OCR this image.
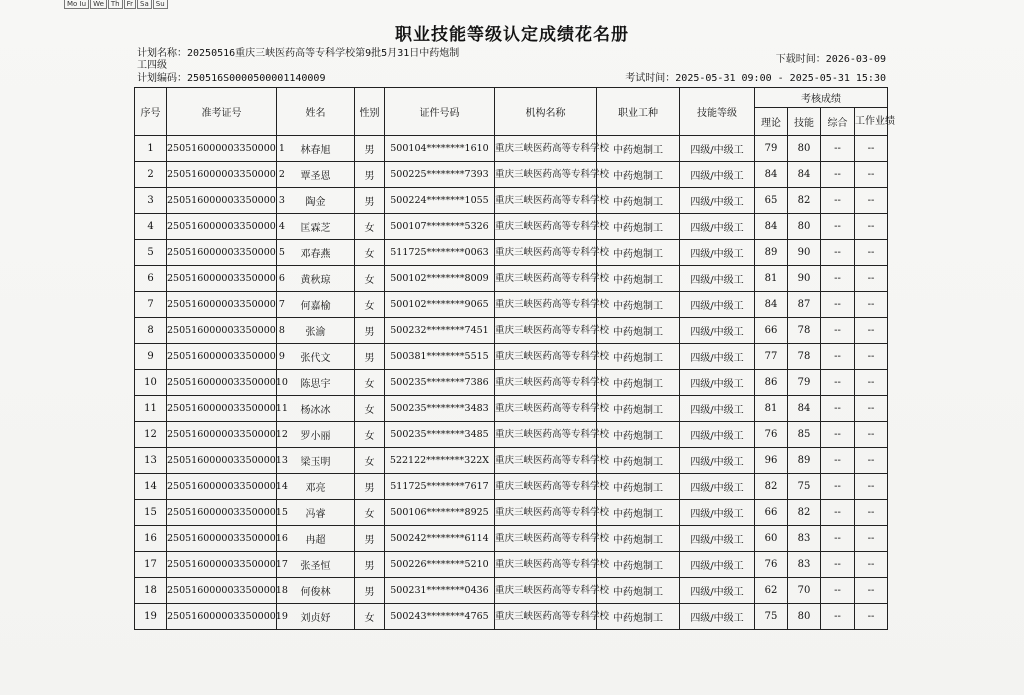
Mo Iu We Th Fr Sa Su
职业技能等级认定成绩花名册
计划名称：20250516重庆三峡医药高等专科学校第9批5月31日中药炮制
工四级
计划编码：250516S0000500001140009
下载时间：2026-03-09
考试时间：2025-05-31 09:00 - 2025-05-31 15:30
序号	准考证号	姓名	性别	证件号码	机构名称	职业工种	技能等级	考核成绩			
								理论	技能	综合	工作业绩
1	250516000003350000 1	林春旭	男	500104********1610	重庆三峡医药高等专科学校	中药炮制工	四级/中级工	79	80	--	--
2	250516000003350000 2	覃圣恩	男	500225********7393	重庆三峡医药高等专科学校	中药炮制工	四级/中级工	84	84	--	--
3	250516000003350000 3	陶金	男	500224********1055	重庆三峡医药高等专科学校	中药炮制工	四级/中级工	65	82	--	--
4	250516000003350000 4	匡霖芝	女	500107********5326	重庆三峡医药高等专科学校	中药炮制工	四级/中级工	84	80	--	--
5	250516000003350000 5	邓春燕	女	511725********0063	重庆三峡医药高等专科学校	中药炮制工	四级/中级工	89	90	--	--
6	250516000003350000 6	黄秋琼	女	500102********8009	重庆三峡医药高等专科学校	中药炮制工	四级/中级工	81	90	--	--
7	250516000003350000 7	何嘉榆	女	500102********9065	重庆三峡医药高等专科学校	中药炮制工	四级/中级工	84	87	--	--
8	250516000003350000 8	张渝	男	500232********7451	重庆三峡医药高等专科学校	中药炮制工	四级/中级工	66	78	--	--
9	250516000003350000 9	张代文	男	500381********5515	重庆三峡医药高等专科学校	中药炮制工	四级/中级工	77	78	--	--
10	25051600000335000010	陈思宇	女	500235********7386	重庆三峡医药高等专科学校	中药炮制工	四级/中级工	86	79	--	--
11	25051600000335000011	杨冰冰	女	500235********3483	重庆三峡医药高等专科学校	中药炮制工	四级/中级工	81	84	--	--
12	25051600000335000012	罗小丽	女	500235********3485	重庆三峡医药高等专科学校	中药炮制工	四级/中级工	76	85	--	--
13	25051600000335000013	梁玉明	女	522122********322X	重庆三峡医药高等专科学校	中药炮制工	四级/中级工	96	89	--	--
14	25051600000335000014	邓亮	男	511725********7617	重庆三峡医药高等专科学校	中药炮制工	四级/中级工	82	75	--	--
15	25051600000335000015	冯睿	女	500106********8925	重庆三峡医药高等专科学校	中药炮制工	四级/中级工	66	82	--	--
16	25051600000335000016	冉超	男	500242********6114	重庆三峡医药高等专科学校	中药炮制工	四级/中级工	60	83	--	--
17	25051600000335000017	张圣恒	男	500226********5210	重庆三峡医药高等专科学校	中药炮制工	四级/中级工	76	83	--	--
18	25051600000335000018	何俊林	男	500231********0436	重庆三峡医药高等专科学校	中药炮制工	四级/中级工	62	70	--	--
19	25051600000335000019	刘贞妤	女	500243********4765	重庆三峡医药高等专科学校	中药炮制工	四级/中级工	75	80	--	--
